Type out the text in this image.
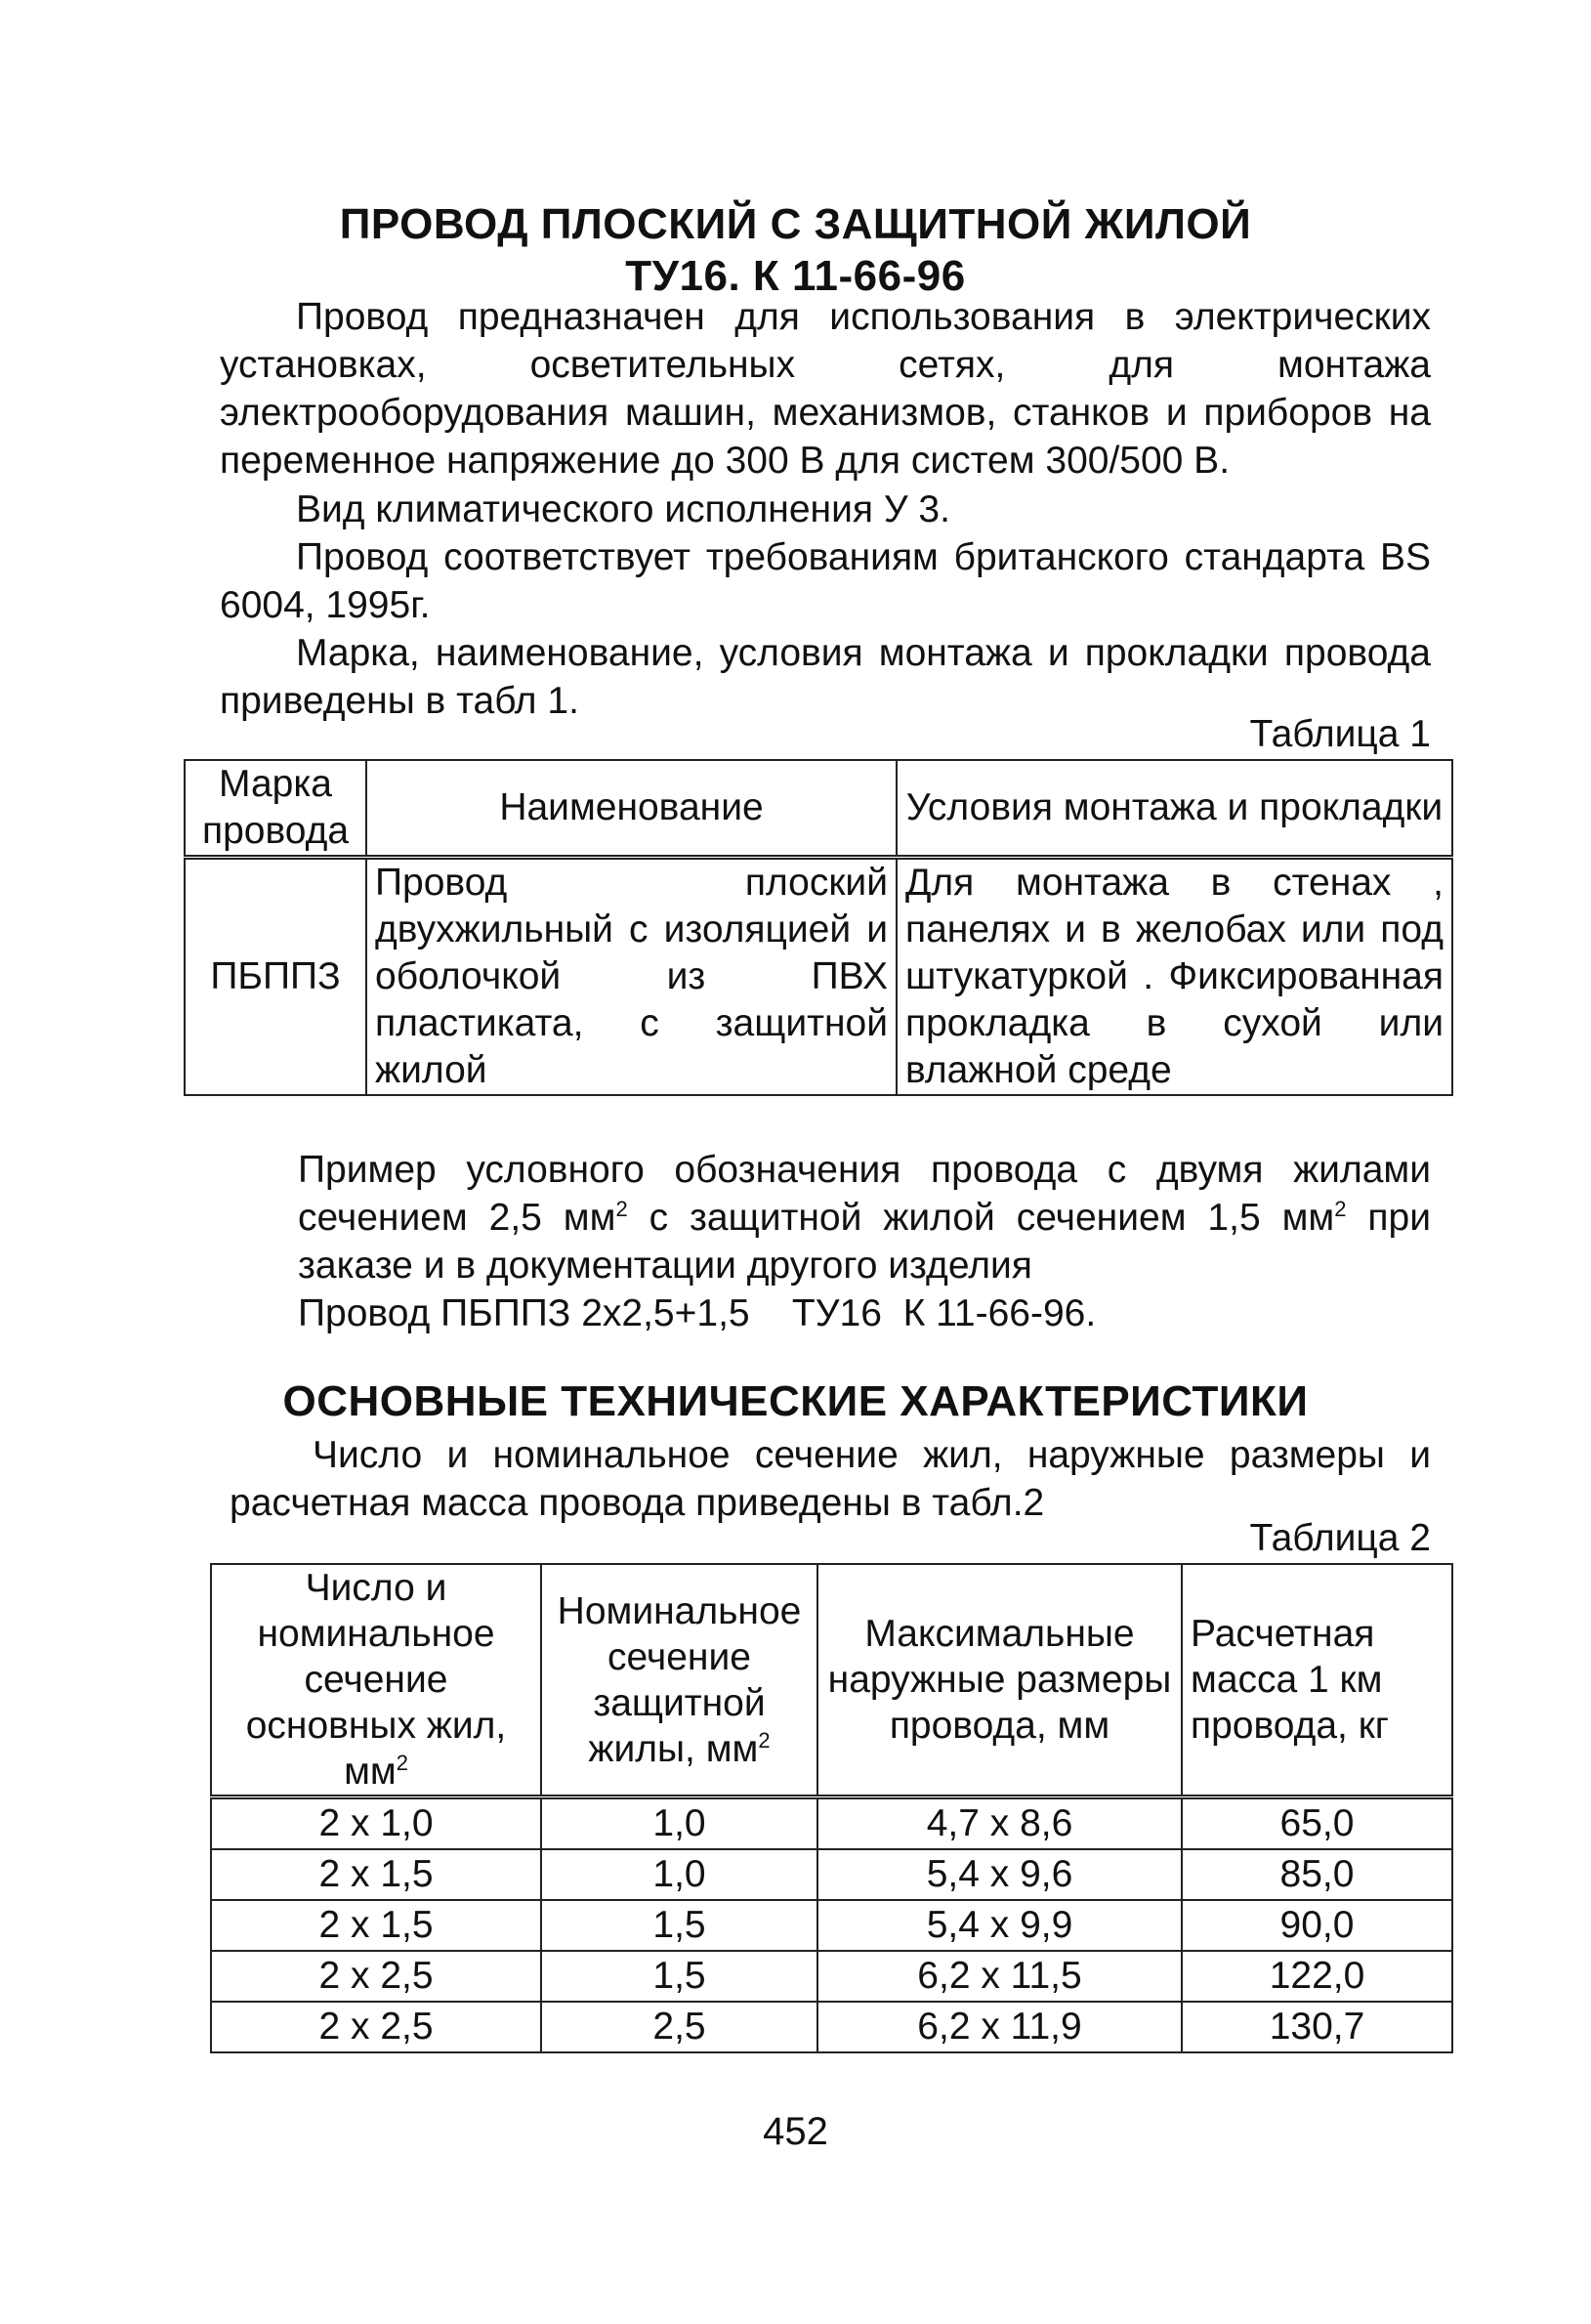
ПРОВОД ПЛОСКИЙ С ЗАЩИТНОЙ ЖИЛОЙ
ТУ16. К 11-66-96

Провод предназначен для использования в электрических установках, осветительных сетях, для монтажа электрооборудования машин, механизмов, станков и приборов на переменное напряжение до 300 В для систем 300/500 В.

Вид климатического исполнения У 3.

Провод соответствует требованиям британского стандарта BS 6004, 1995г.

Марка, наименование, условия монтажа и прокладки провода приведены в табл 1.

Таблица 1
Марка провода	Наименование	Условия монтажа и прокладки
ПБППЗ	Провод плоский двухжильный с изоляцией и оболочкой из ПВХ пластиката, с защитной жилой	Для монтажа в стенах , панелях и в желобах или под штукатуркой . Фиксированная прокладка в сухой или влажной среде

Пример условного обозначения провода с двумя жилами сечением 2,5 $мм^2$ с защитной жилой сечением 1,5 $мм^2$ при заказе и в документации другого изделия

Провод ПБППЗ 2х2,5+1,5    ТУ16  К 11-66-96.
ОСНОВНЫЕ ТЕХНИЧЕСКИЕ ХАРАКТЕРИСТИКИ

Число и номинальное сечение жил, наружные размеры и расчетная масса провода приведены в табл.2

Таблица 2
Число и номинальное сечение основных жил, $мм^2$	Номинальное сечение защитной жилы, $мм^2$	Максимальные наружные размеры провода, мм	Расчетная масса 1 км провода, кг
2 х 1,0	1,0	4,7 х 8,6	65,0
2 х 1,5	1,0	5,4 х 9,6	85,0
2 х 1,5	1,5	5,4 х 9,9	90,0
2 х 2,5	1,5	6,2 х 11,5	122,0
2 х 2,5	2,5	6,2 х 11,9	130,7
452
